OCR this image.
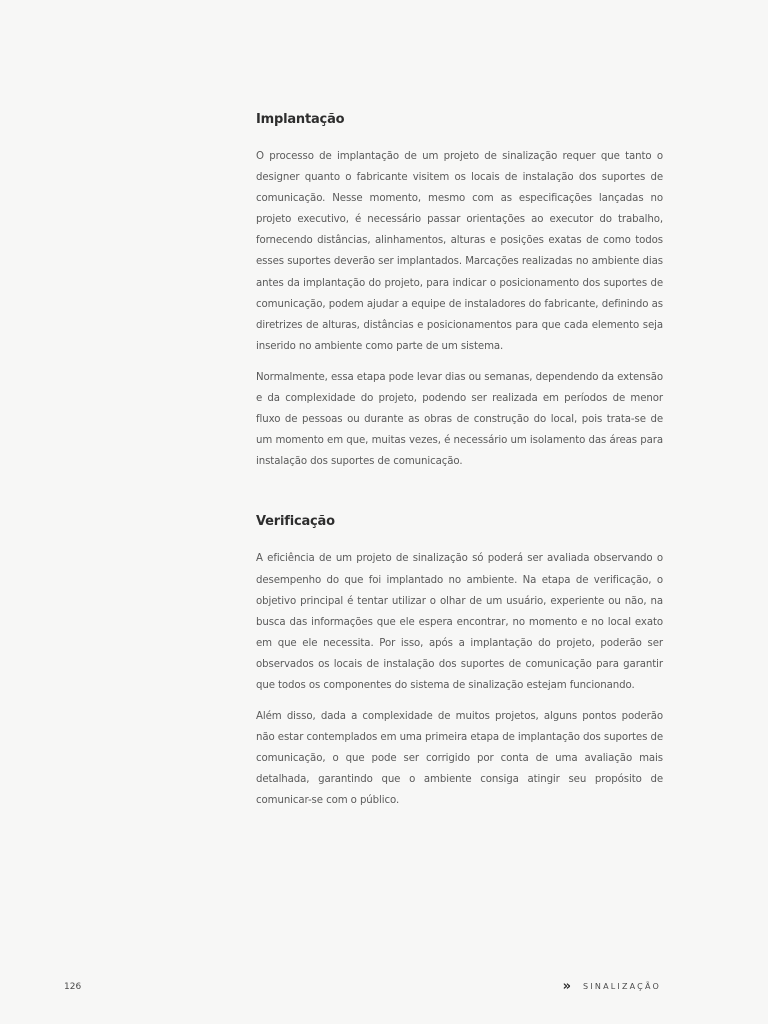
Implantação

O processo de implantação de um projeto de sinalização requer que tanto o designer quanto o fabricante visitem os locais de instalação dos suportes de comunicação. Nesse momento, mesmo com as especificações lançadas no projeto executivo, é necessário passar orientações ao executor do trabalho, fornecendo distâncias, alinhamentos, alturas e posições exatas de como todos esses suportes deverão ser implantados. Marcações realizadas no ambiente dias antes da implantação do projeto, para indicar o posicionamento dos suportes de comunicação, podem ajudar a equipe de instaladores do fabricante, definindo as diretrizes de alturas, distâncias e posicionamentos para que cada elemento seja inserido no ambiente como parte de um sistema.

Normalmente, essa etapa pode levar dias ou semanas, dependendo da extensão e da complexidade do projeto, podendo ser realizada em períodos de menor fluxo de pessoas ou durante as obras de construção do local, pois trata-se de um momento em que, muitas vezes, é necessário um isolamento das áreas para instalação dos suportes de comunicação.

Verificação

A eficiência de um projeto de sinalização só poderá ser avaliada observando o desempenho do que foi implantado no ambiente. Na etapa de verificação, o objetivo principal é tentar utilizar o olhar de um usuário, experiente ou não, na busca das informações que ele espera encontrar, no momento e no local exato em que ele necessita. Por isso, após a implantação do projeto, poderão ser observados os locais de instalação dos suportes de comunicação para garantir que todos os componentes do sistema de sinalização estejam funcionando.

Além disso, dada a complexidade de muitos projetos, alguns pontos poderão não estar contemplados em uma primeira etapa de implantação dos suportes de comunicação, o que pode ser corrigido por conta de uma avaliação mais detalhada, garantindo que o ambiente consiga atingir seu propósito de comunicar-se com o público.

126	» SINALIZAÇÃO
